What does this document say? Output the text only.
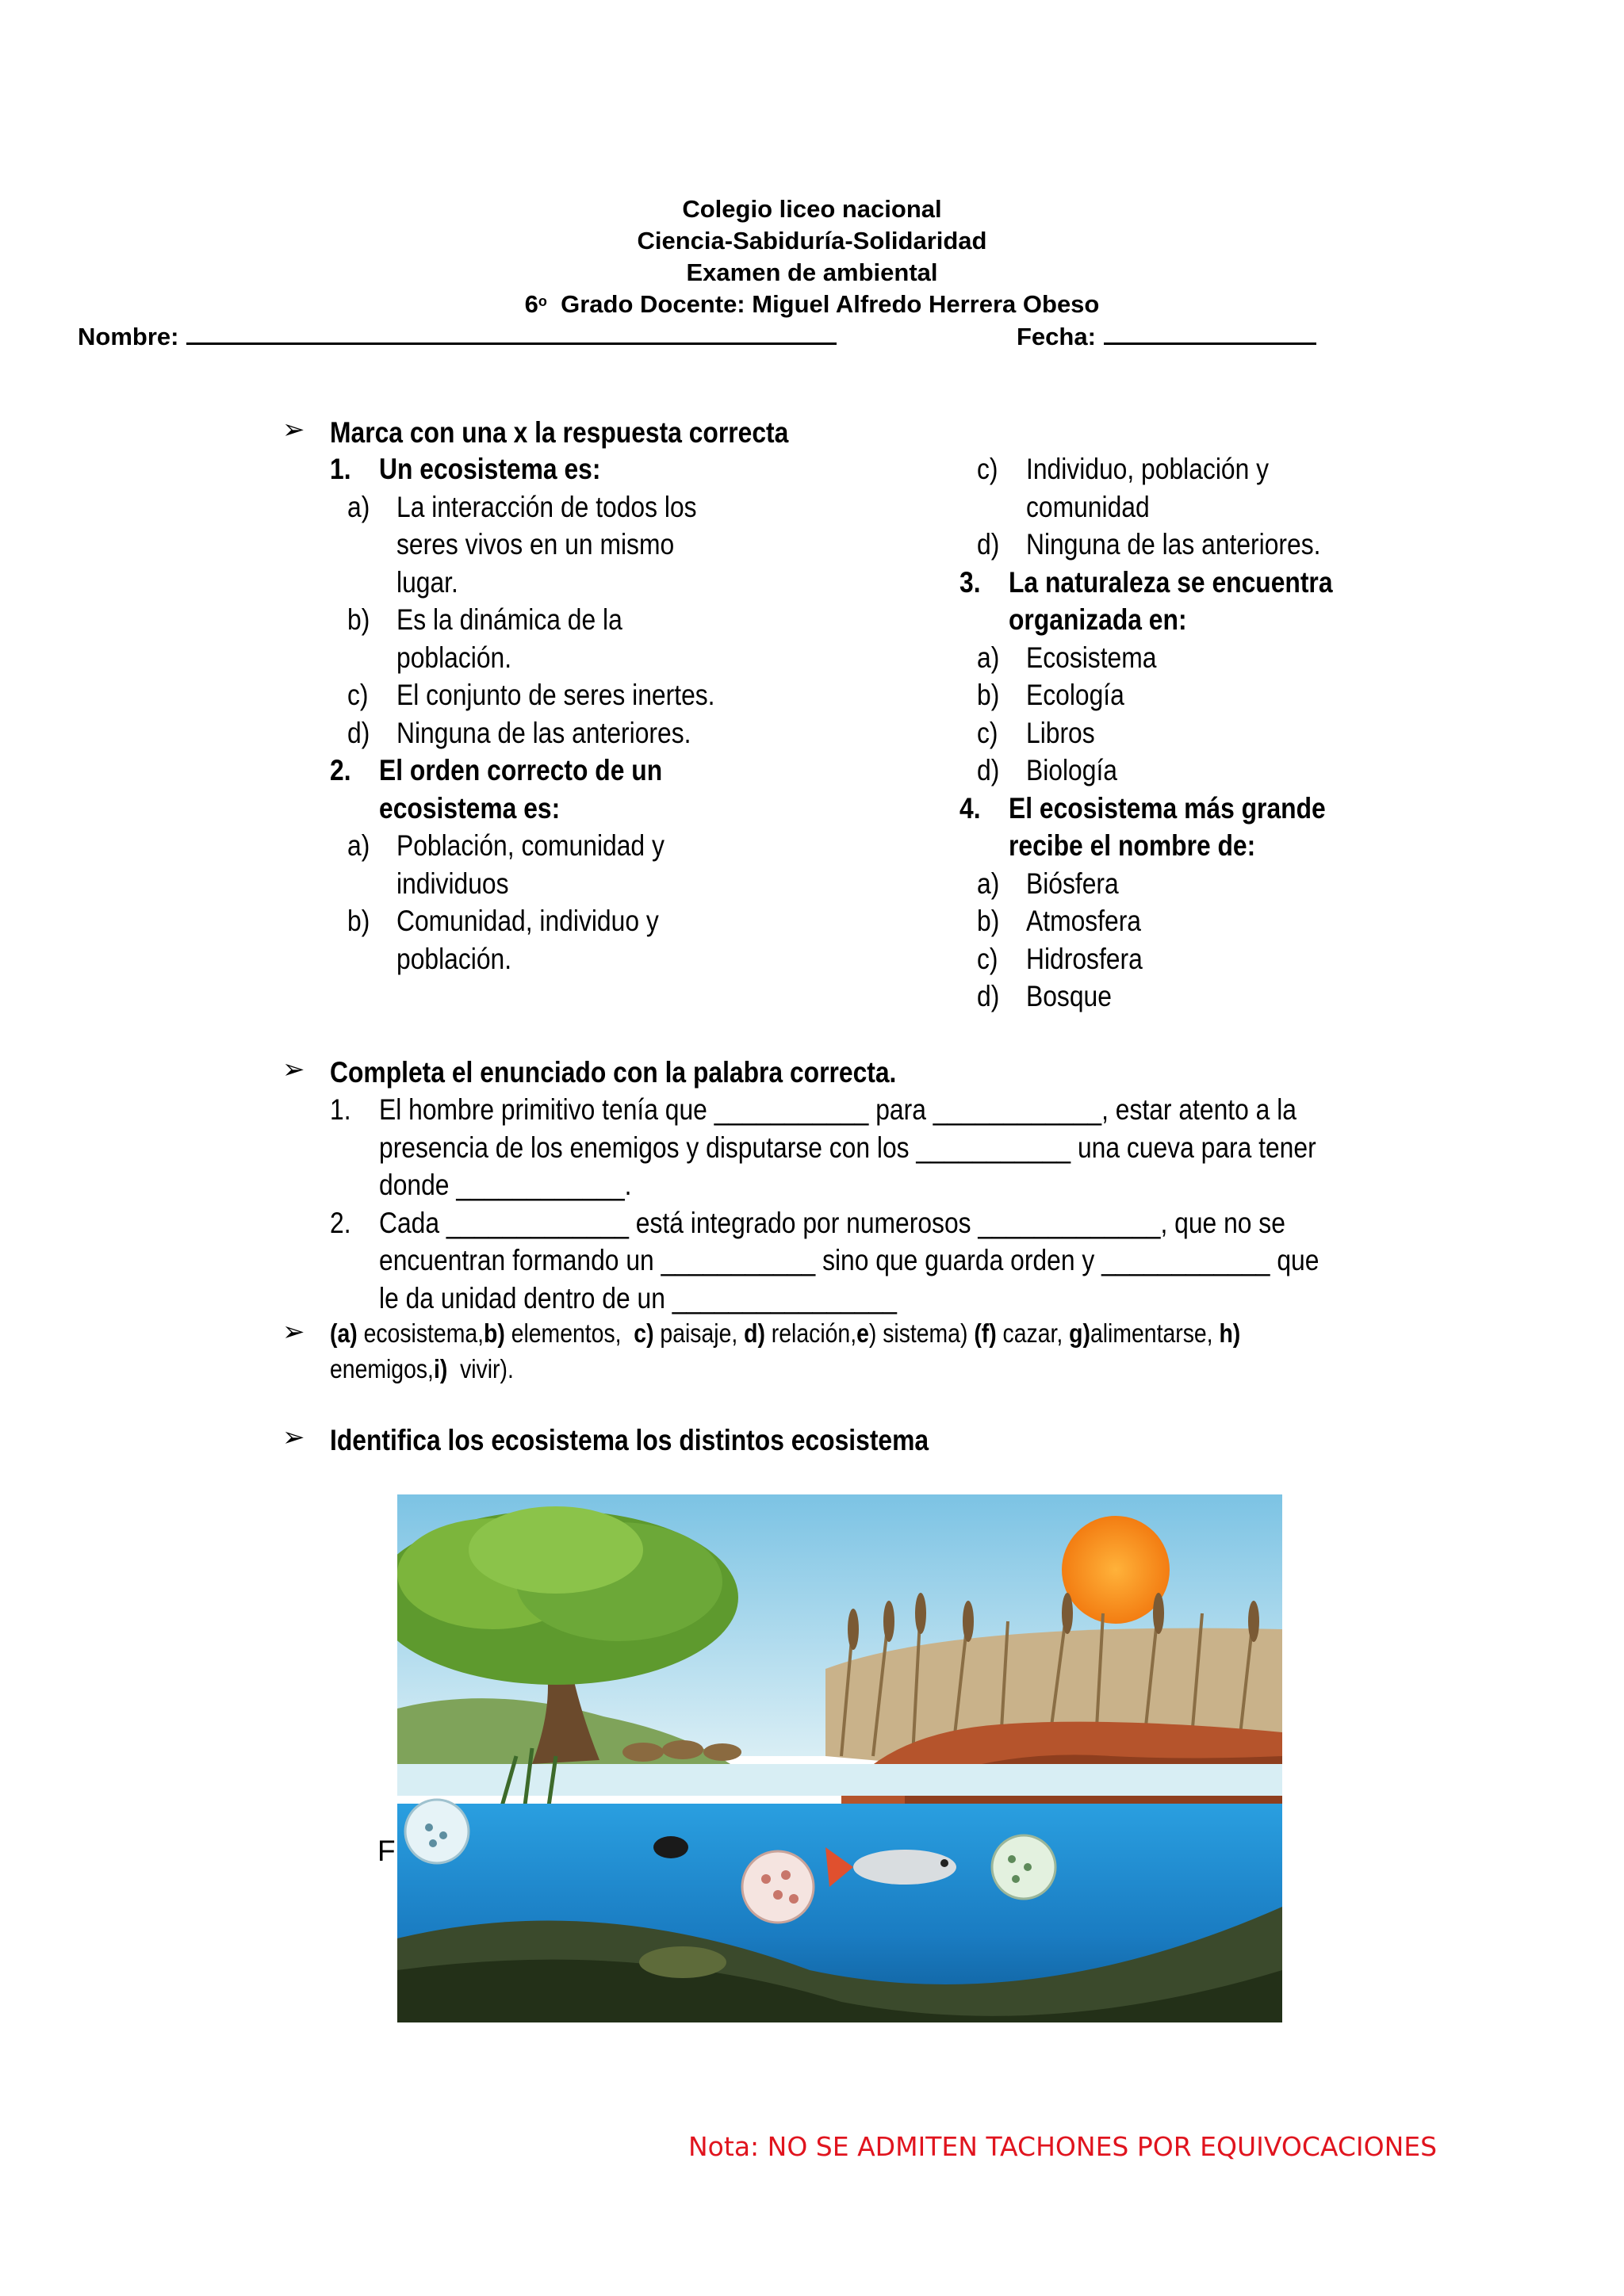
Colegio liceo nacional
Ciencia-Sabiduría-Solidaridad
Examen de ambiental
6$^o$  Grado Docente: Miguel Alfredo Herrera Obeso
Nombre:	Fecha:
➢ Marca con una x la respuesta correcta
1. Un ecosistema es:
a) La interacción de todos los
seres vivos en un mismo
lugar.
b) Es la dinámica de la
población.
c) El conjunto de seres inertes.
d) Ninguna de las anteriores.
2. El orden correcto de un
ecosistema es:
a) Población, comunidad y
individuos
b) Comunidad, individuo y
población.
c) Individuo, población y
comunidad
d) Ninguna de las anteriores.
3. La naturaleza se encuentra
organizada en:
a) Ecosistema
b) Ecología
c) Libros
d) Biología
4. El ecosistema más grande
recibe el nombre de:
a) Biósfera
b) Atmosfera
c) Hidrosfera
d) Bosque
➢ Completa el enunciado con la palabra correcta.
1. El hombre primitivo tenía que ___________ para ____________, estar atento a la
presencia de los enemigos y disputarse con los ___________ una cueva para tener
donde ____________.
2. Cada _____________ está integrado por numerosos _____________, que no se
encuentran formando un ___________ sino que guarda orden y ____________ que
le da unidad dentro de un ________________
➢ (a) ecosistema,b) elementos,  c) paisaje, d) relación,e) sistema) (f) cazar, g)alimentarse, h)
enemigos,i)  vivir).
➢ Identifica los ecosistema los distintos ecosistema
F
Nota: NO SE ADMITEN TACHONES POR EQUIVOCACIONES
